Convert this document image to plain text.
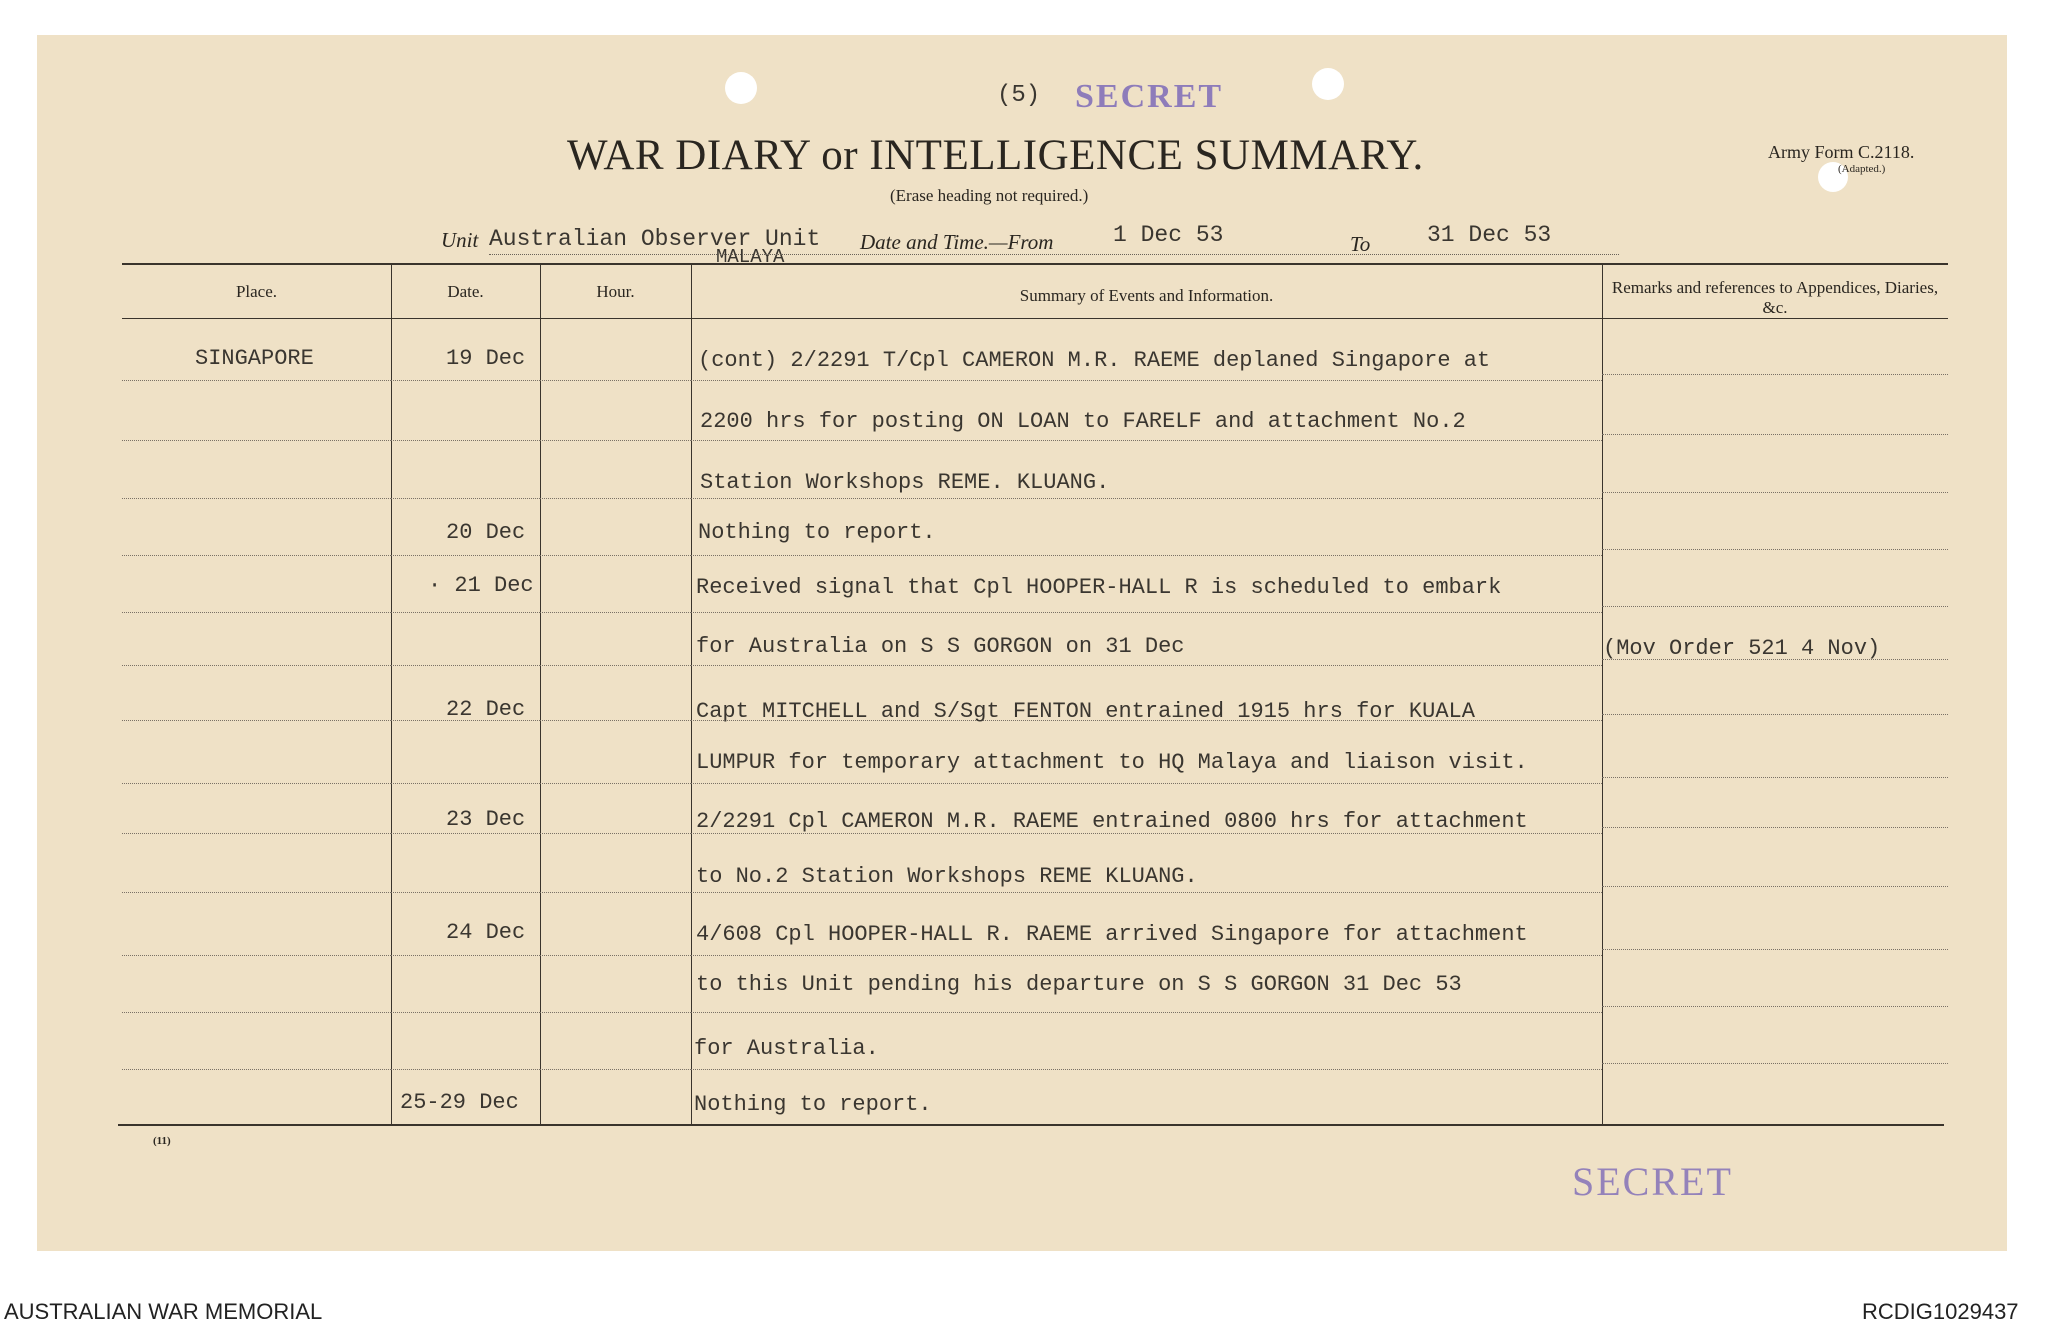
(5) SECRET
WAR DIARY or INTELLIGENCE SUMMARY.
(Erase heading not required.)
Army Form C.2118.
(Adapted.)
Unit Australian Observer Unit
MALAYA
Date and Time.—From	1 Dec 53	To 31 Dec 53
Place.	Date.	Hour.	Summary of Events and Information.	Remarks and references to Appendices, Diaries, &c.
SINGAPORE	19 Dec	(cont) 2/2291 T/Cpl CAMERON M.R. RAEME deplaned Singapore at
2200 hrs for posting ON LOAN to FARELF and attachment No.2
Station Workshops REME. KLUANG.
20 Dec	Nothing to report.
· 21 Dec	Received signal that Cpl HOOPER-HALL R is scheduled to embark
for Australia on S S GORGON on 31 Dec	(Mov Order 521 4 Nov)
22 Dec	Capt MITCHELL and S/Sgt FENTON entrained 1915 hrs for KUALA
LUMPUR for temporary attachment to HQ Malaya and liaison visit.
23 Dec	2/2291 Cpl CAMERON M.R. RAEME entrained 0800 hrs for attachment
to No.2 Station Workshops REME KLUANG.
24 Dec	4/608 Cpl HOOPER-HALL R. RAEME arrived Singapore for attachment
to this Unit pending his departure on S S GORGON 31 Dec 53
for Australia.
25-29 Dec	Nothing to report.
(11)
SECRET
AUSTRALIAN WAR MEMORIAL	RCDIG1029437
